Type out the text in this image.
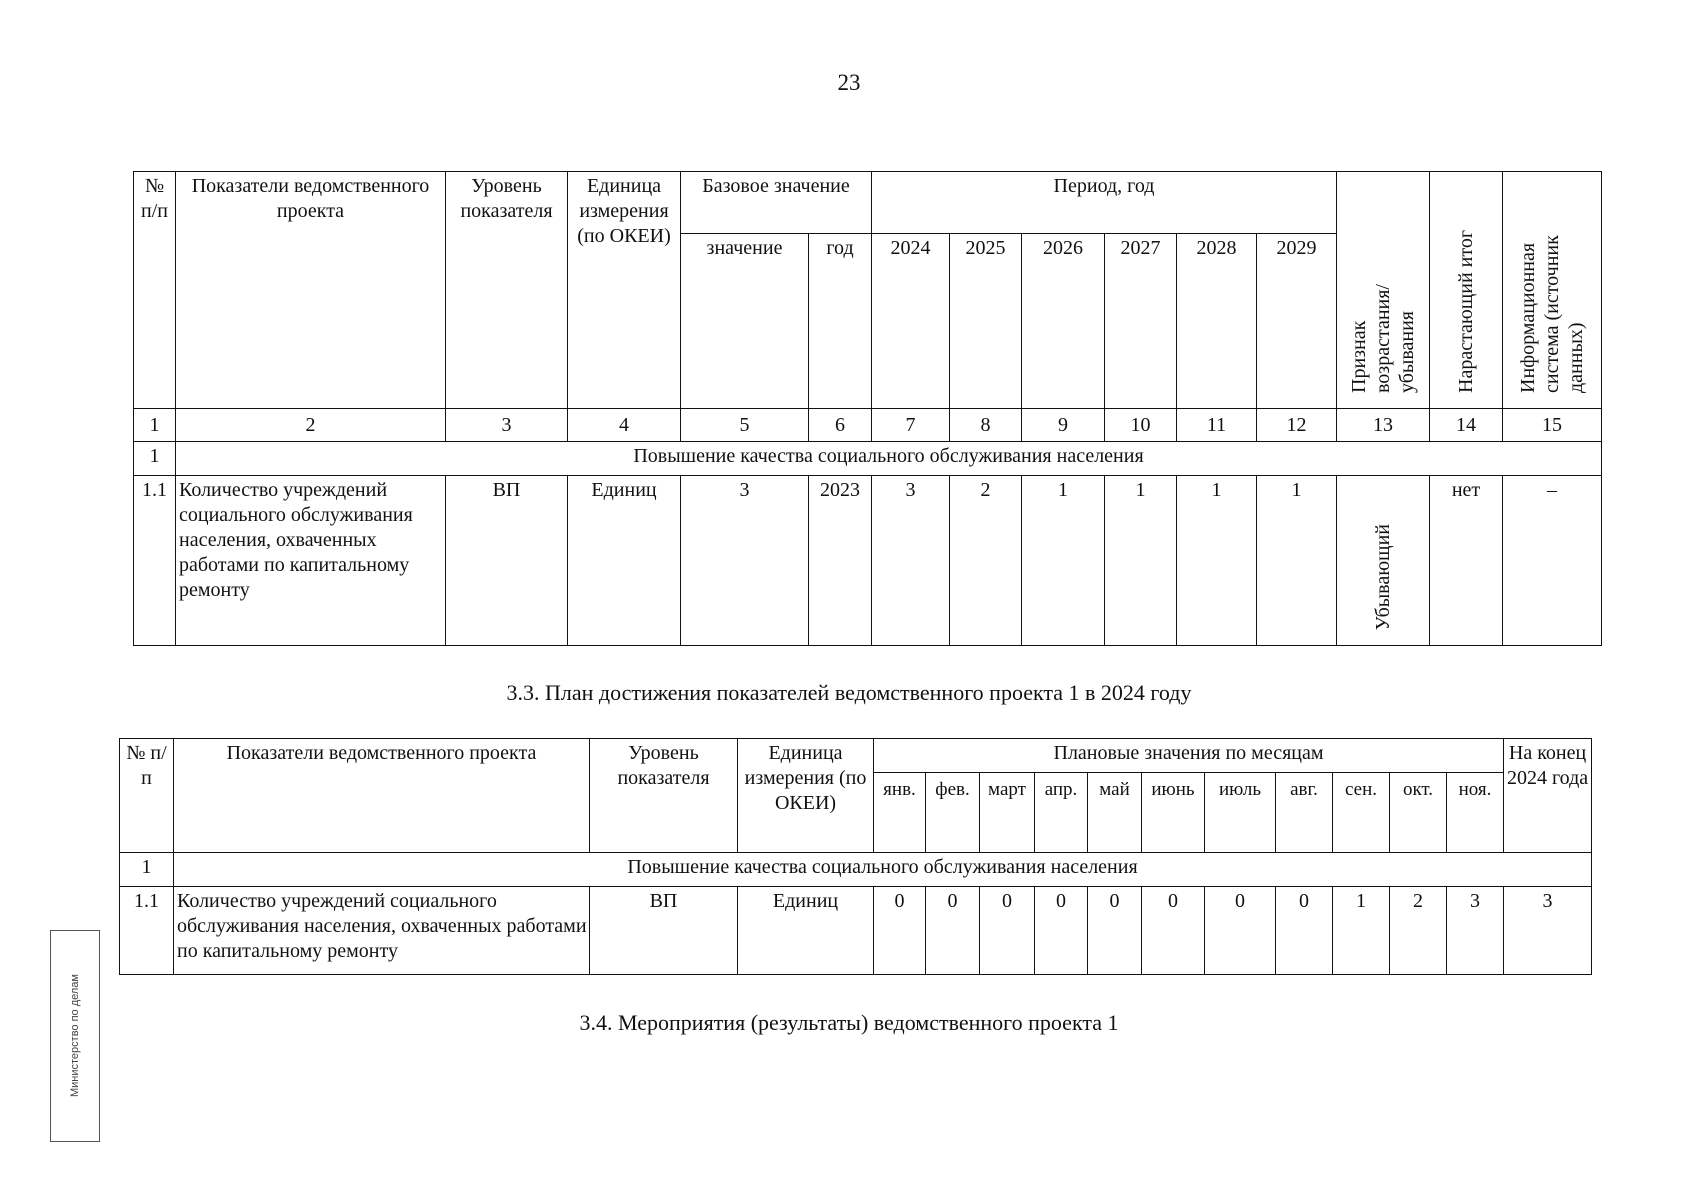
23
№ п/п	Показатели ведомственного проекта	Уровень показателя	Единица измерения (по ОКЕИ)	Базовое значение		Период, год						Признак возрастания/ убывания	Нарастающий итог	Информационная система (источник данных)
				значение	год	2024	2025	2026	2027	2028	2029			
1	2	3	4	5	6	7	8	9	10	11	12	13	14	15
1	Повышение качества социального обслуживания населения													
1.1	Количество учреждений социального обслуживания населения, охваченных работами по капитальному ремонту	ВП	Единиц	3	2023	3	2	1	1	1	1	Убывающий	нет	–
3.3. План достижения показателей ведомственного проекта 1 в 2024 году
№ п/п	Показатели ведомственного проекта	Уровень показателя	Единица измерения (по ОКЕИ)	Плановые значения по месяцам											На конец 2024 года
				янв.	фев.	март	апр.	май	июнь	июль	авг.	сен.	окт.	ноя.	
1	Повышение качества социального обслуживания населения														
1.1	Количество учреждений социального обслуживания населения, охваченных работами по капитальному ремонту	ВП	Единиц	0	0	0	0	0	0	0	0	1	2	3	3
3.4. Мероприятия (результаты) ведомственного проекта 1
Министерство по делам
